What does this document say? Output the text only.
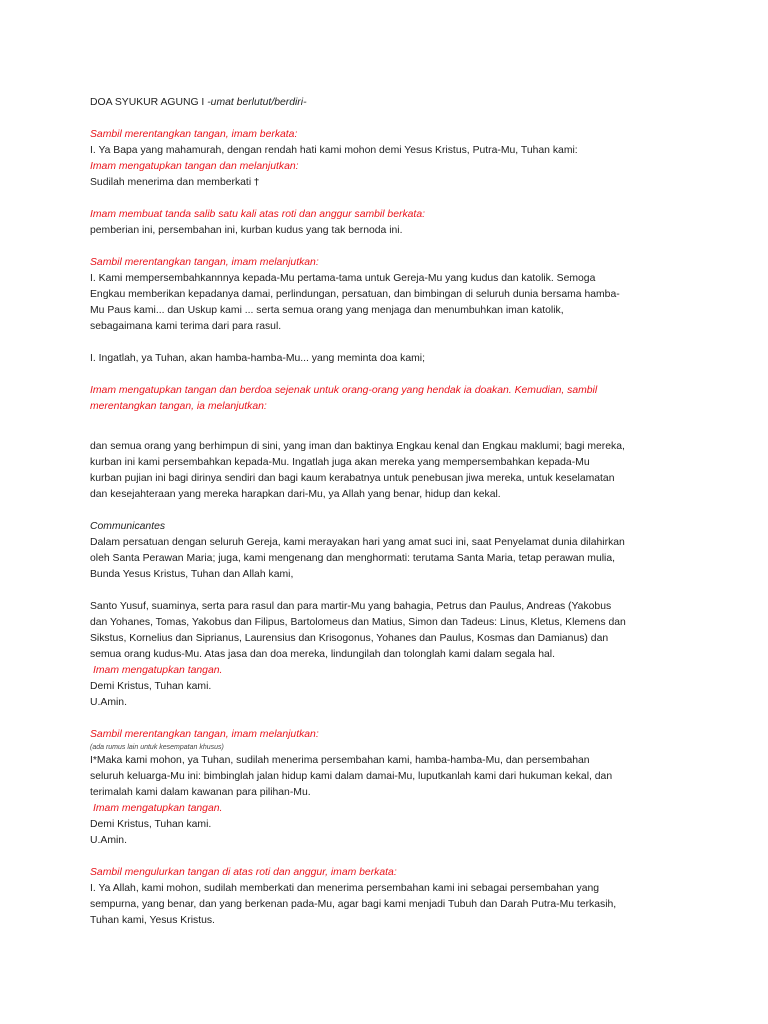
DOA SYUKUR AGUNG I -umat berlutut/berdiri-
Sambil merentangkan tangan, imam berkata:
I. Ya Bapa yang mahamurah, dengan rendah hati kami mohon demi Yesus Kristus, Putra-Mu, Tuhan kami:
Imam mengatupkan tangan dan melanjutkan:
Sudilah menerima dan memberkati †
Imam membuat tanda salib satu kali atas roti dan anggur sambil berkata:
pemberian ini, persembahan ini, kurban kudus yang tak bernoda ini.
Sambil merentangkan tangan, imam melanjutkan:
I. Kami mempersembahkannnya kepada-Mu pertama-tama untuk Gereja-Mu yang kudus dan katolik. Semoga
Engkau memberikan kepadanya damai, perlindungan, persatuan, dan bimbingan di seluruh dunia bersama hamba-
Mu Paus kami... dan Uskup kami ... serta semua orang yang menjaga dan menumbuhkan iman katolik,
sebagaimana kami terima dari para rasul.
I. Ingatlah, ya Tuhan, akan hamba-hamba-Mu... yang meminta doa kami;
Imam mengatupkan tangan dan berdoa sejenak untuk orang-orang yang hendak ia doakan. Kemudian, sambil
merentangkan tangan, ia melanjutkan:
dan semua orang yang berhimpun di sini, yang iman dan baktinya Engkau kenal dan Engkau maklumi; bagi mereka,
kurban ini kami persembahkan kepada-Mu. Ingatlah juga akan mereka yang mempersembahkan kepada-Mu
kurban pujian ini bagi dirinya sendiri dan bagi kaum kerabatnya untuk penebusan jiwa mereka, untuk keselamatan
dan kesejahteraan yang mereka harapkan dari-Mu, ya Allah yang benar, hidup dan kekal.
Communicantes
Dalam persatuan dengan seluruh Gereja, kami merayakan hari yang amat suci ini, saat Penyelamat dunia dilahirkan
oleh Santa Perawan Maria; juga, kami mengenang dan menghormati: terutama Santa Maria, tetap perawan mulia,
Bunda Yesus Kristus, Tuhan dan Allah kami,
Santo Yusuf, suaminya, serta para rasul dan para martir-Mu yang bahagia, Petrus dan Paulus, Andreas (Yakobus
dan Yohanes, Tomas, Yakobus dan Filipus, Bartolomeus dan Matius, Simon dan Tadeus: Linus, Kletus, Klemens dan
Sikstus, Kornelius dan Siprianus, Laurensius dan Krisogonus, Yohanes dan Paulus, Kosmas dan Damianus) dan
semua orang kudus-Mu. Atas jasa dan doa mereka, lindungilah dan tolonglah kami dalam segala hal.
Imam mengatupkan tangan.
Demi Kristus, Tuhan kami.
U.Amin.
Sambil merentangkan tangan, imam melanjutkan:
(ada rumus lain untuk kesempatan khusus)
I*Maka kami mohon, ya Tuhan, sudilah menerima persembahan kami, hamba-hamba-Mu, dan persembahan
seluruh keluarga-Mu ini: bimbinglah jalan hidup kami dalam damai-Mu, luputkanlah kami dari hukuman kekal, dan
terimalah kami dalam kawanan para pilihan-Mu.
Imam mengatupkan tangan.
Demi Kristus, Tuhan kami.
U.Amin.
Sambil mengulurkan tangan di atas roti dan anggur, imam berkata:
I. Ya Allah, kami mohon, sudilah memberkati dan menerima persembahan kami ini sebagai persembahan yang
sempurna, yang benar, dan yang berkenan pada-Mu, agar bagi kami menjadi Tubuh dan Darah Putra-Mu terkasih,
Tuhan kami, Yesus Kristus.
